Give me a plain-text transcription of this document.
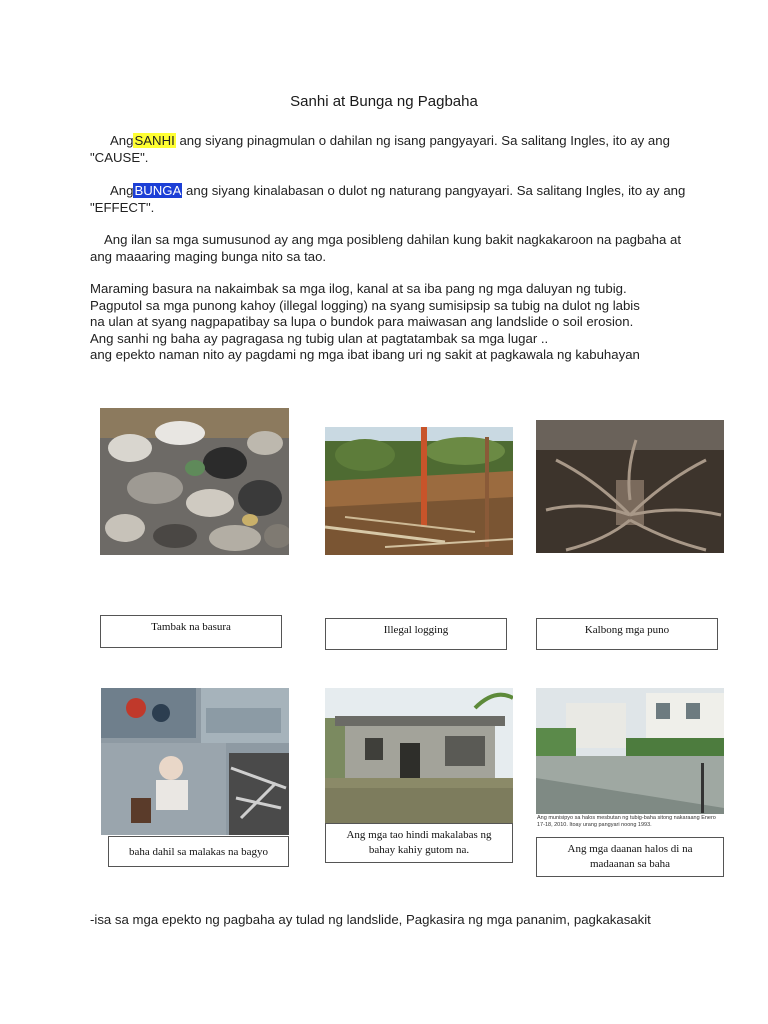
Sanhi at Bunga ng Pagbaha
AngSANHI ang siyang pinagmulan o dahilan ng isang pangyayari. Sa salitang Ingles, ito ay ang "CAUSE".
AngBUNGA ang siyang kinalabasan o dulot ng naturang pangyayari. Sa salitang Ingles, ito ay ang "EFFECT".
Ang ilan sa mga sumusunod ay ang mga posibleng dahilan kung bakit nagkakaroon na pagbaha at ang maaaring maging bunga nito sa tao.
Maraming basura na nakaimbak sa mga ilog, kanal at sa iba pang ng mga daluyan ng tubig.
Pagputol sa mga punong kahoy (illegal logging) na syang sumisipsip sa tubig na dulot ng labis
na ulan at syang nagpapatibay sa lupa o bundok para maiwasan ang landslide o soil erosion.
Ang sanhi ng baha ay pagragasa ng tubig ulan at pagtatambak sa mga lugar ..
ang epekto naman nito ay pagdami ng mga ibat ibang uri ng sakit at pagkawala ng kabuhayan
Tambak na basura	Illegal logging	Kalbong mga puno
Ang munisipyo sa halos mesbutan ng tubig-baha sitong nakaraang Enero 17-18, 2010. Itoay urang pangyari noong 1993.
baha dahil sa malakas na bagyo
Ang mga tao hindi makalabas ng
bahay kahiy gutom na.	Ang mga daanan halos di na
madaanan sa baha
-isa sa mga epekto ng pagbaha ay tulad ng landslide, Pagkasira ng mga pananim, pagkakasakit
